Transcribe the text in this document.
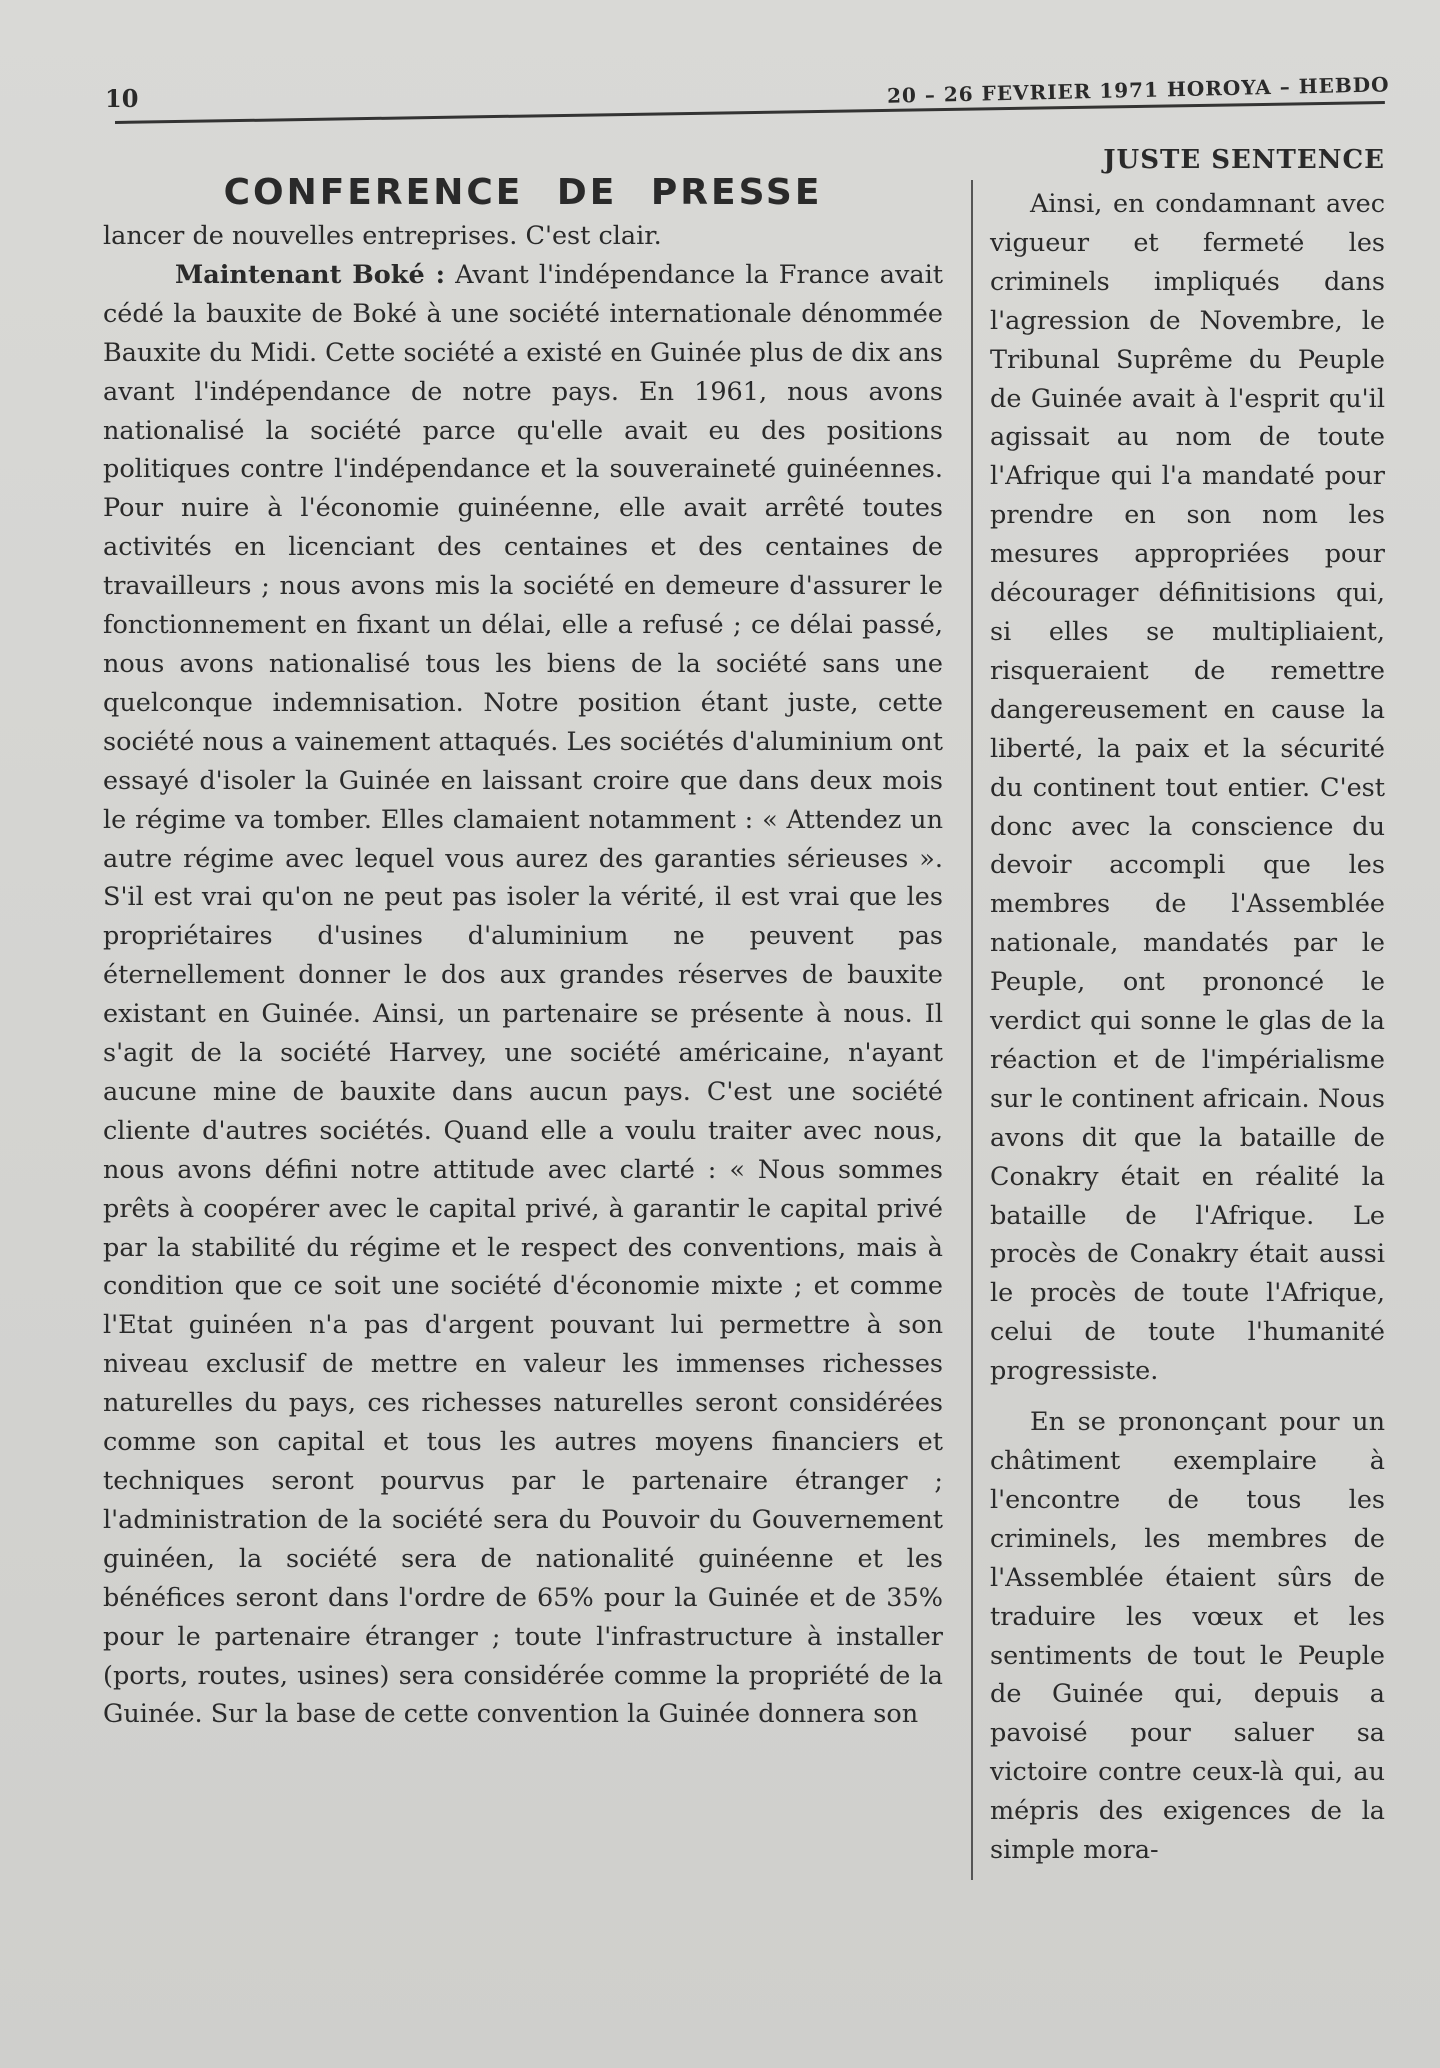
10	20 – 26 FEVRIER 1971 HOROYA – HEBDO
CONFERENCE DE PRESSE

lancer de nouvelles entreprises. C'est clair.

Maintenant Boké : Avant l'indépendance la France avait cédé la bauxite de Boké à une société internationale dénommée Bauxite du Midi. Cette société a existé en Guinée plus de dix ans avant l'indépendance de notre pays. En 1961, nous avons nationalisé la société parce qu'elle avait eu des positions politiques contre l'indépendance et la souveraineté guinéennes. Pour nuire à l'économie guinéenne, elle avait arrêté toutes activités en licenciant des centaines et des centaines de travailleurs ; nous avons mis la société en demeure d'assurer le fonctionnement en fixant un délai, elle a refusé ; ce délai passé, nous avons nationalisé tous les biens de la société sans une quelconque indemnisation. Notre position étant juste, cette société nous a vainement attaqués. Les sociétés d'aluminium ont essayé d'isoler la Guinée en laissant croire que dans deux mois le régime va tomber. Elles clamaient notamment : « Attendez un autre régime avec lequel vous aurez des garanties sérieuses ». S'il est vrai qu'on ne peut pas isoler la vérité, il est vrai que les propriétaires d'usines d'aluminium ne peuvent pas éternellement donner le dos aux grandes réserves de bauxite existant en Guinée. Ainsi, un partenaire se présente à nous. Il s'agit de la société Harvey, une société américaine, n'ayant aucune mine de bauxite dans aucun pays. C'est une société cliente d'autres sociétés. Quand elle a voulu traiter avec nous, nous avons défini notre attitude avec clarté : « Nous sommes prêts à coopérer avec le capital privé, à garantir le capital privé par la stabilité du régime et le respect des conventions, mais à condition que ce soit une société d'économie mixte ; et comme l'Etat guinéen n'a pas d'argent pouvant lui permettre à son niveau exclusif de mettre en valeur les immenses richesses naturelles du pays, ces richesses naturelles seront considérées comme son capital et tous les autres moyens financiers et techniques seront pourvus par le partenaire étranger ; l'administration de la société sera du Pouvoir du Gouvernement guinéen, la société sera de nationalité guinéenne et les bénéfices seront dans l'ordre de 65% pour la Guinée et de 35% pour le partenaire étranger ; toute l'infrastructure à installer (ports, routes, usines) sera considérée comme la propriété de la Guinée. Sur la base de cette convention la Guinée donnera son

JUSTE SENTENCE

Ainsi, en condamnant avec vigueur et fermeté les criminels impliqués dans l'agression de Novembre, le Tribunal Suprême du Peuple de Guinée avait à l'esprit qu'il agissait au nom de toute l'Afrique qui l'a mandaté pour prendre en son nom les mesures appropriées pour décourager définitisions qui, si elles se multipliaient, risqueraient de remettre dangereusement en cause la liberté, la paix et la sécurité du continent tout entier. C'est donc avec la conscience du devoir accompli que les membres de l'Assemblée nationale, mandatés par le Peuple, ont prononcé le verdict qui sonne le glas de la réaction et de l'impérialisme sur le continent africain. Nous avons dit que la bataille de Conakry était en réalité la bataille de l'Afrique. Le procès de Conakry était aussi le procès de toute l'Afrique, celui de toute l'humanité progressiste.

En se prononçant pour un châtiment exemplaire à l'encontre de tous les criminels, les membres de l'Assemblée étaient sûrs de traduire les vœux et les sentiments de tout le Peuple de Guinée qui, depuis a pavoisé pour saluer sa victoire contre ceux-là qui, au mépris des exigences de la simple mora-
